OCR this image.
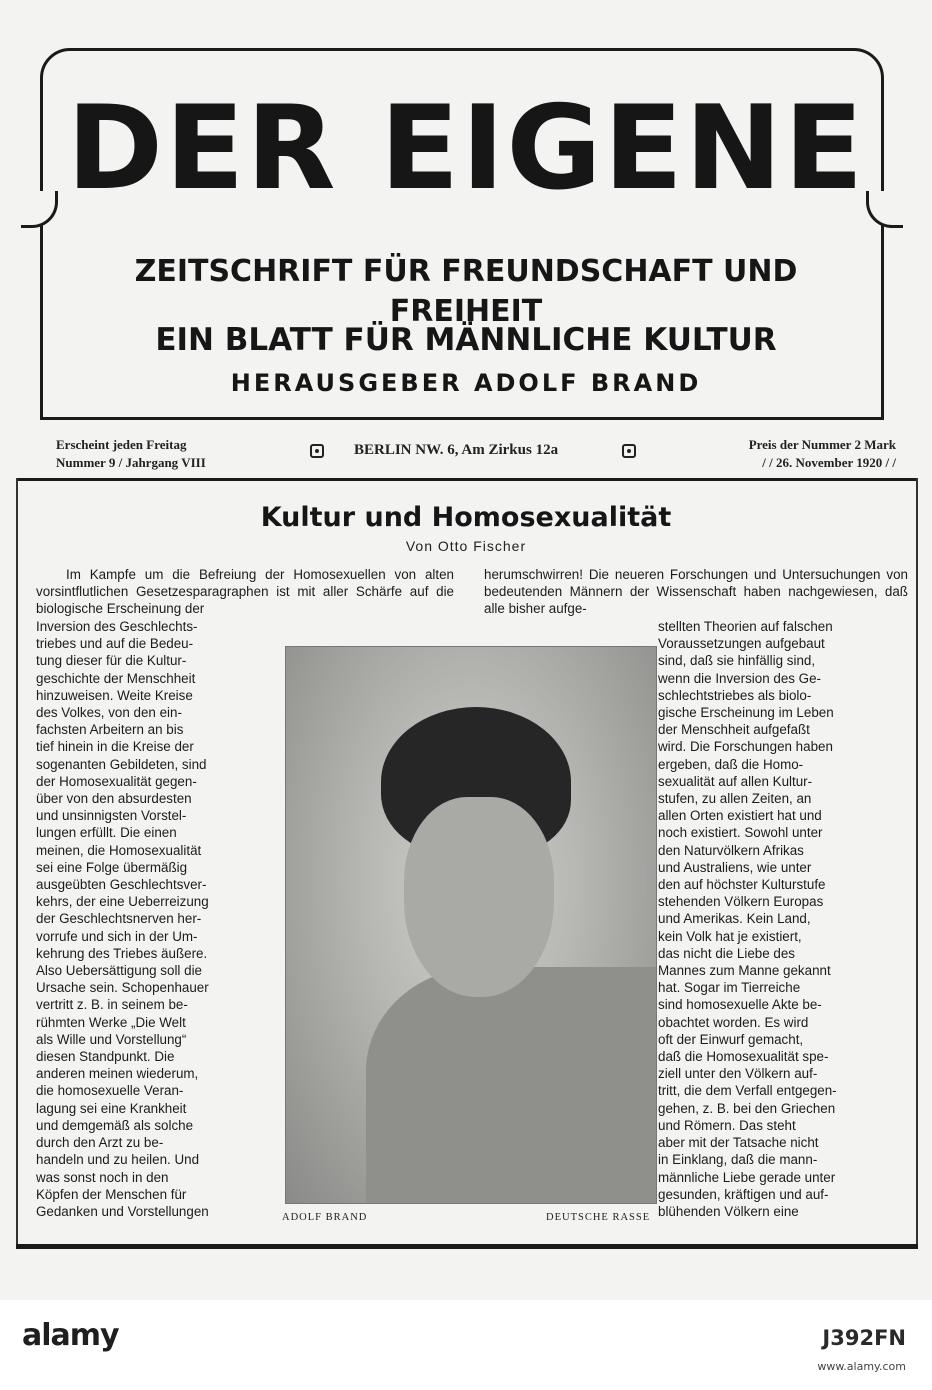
DER EIGENE
ZEITSCHRIFT FÜR FREUNDSCHAFT UND FREIHEIT
EIN BLATT FÜR MÄNNLICHE KULTUR
HERAUSGEBER ADOLF BRAND
Erscheint jeden Freitag
Nummer 9 / Jahrgang VIII
BERLIN NW. 6, Am Zirkus 12a	Preis der Nummer 2 Mark
/ / 26. November 1920 / /
Kultur und Homosexualität
Von Otto Fischer
Im Kampfe um die Befreiung der Homosexuellen von alten vorsintflutlichen Gesetzesparagraphen ist mit aller Schärfe auf die biologische Erscheinung der
Inversion des Geschlechts-
triebes und auf die Bedeu-
tung dieser für die Kultur-
geschichte der Menschheit
hinzuweisen. Weite Kreise
des Volkes, von den ein-
fachsten Arbeitern an bis
tief hinein in die Kreise der
sogenanten Gebildeten, sind
der Homosexualität gegen-
über von den absurdesten
und unsinnigsten Vorstel-
lungen erfüllt. Die einen
meinen, die Homosexualität
sei eine Folge übermäßig
ausgeübten Geschlechtsver-
kehrs, der eine Ueberreizung
der Geschlechtsnerven her-
vorrufe und sich in der Um-
kehrung des Triebes äußere.
Also Uebersättigung soll die
Ursache sein. Schopenhauer
vertritt z. B. in seinem be-
rühmten Werke „Die Welt
als Wille und Vorstellung“
diesen Standpunkt. Die
anderen meinen wiederum,
die homosexuelle Veran-
lagung sei eine Krankheit
und demgemäß als solche
durch den Arzt zu be-
handeln und zu heilen. Und
was sonst noch in den
Köpfen der Menschen für
Gedanken und Vorstellungen
herumschwirren! Die neueren Forschungen und Untersuchungen von bedeutenden Männern der Wissenschaft haben nachgewiesen, daß alle bisher aufge-
stellten Theorien auf falschen
Voraussetzungen aufgebaut
sind, daß sie hinfällig sind,
wenn die Inversion des Ge-
schlechtstriebes als biolo-
gische Erscheinung im Leben
der Menschheit aufgefaßt
wird. Die Forschungen haben
ergeben, daß die Homo-
sexualität auf allen Kultur-
stufen, zu allen Zeiten, an
allen Orten existiert hat und
noch existiert. Sowohl unter
den Naturvölkern Afrikas
und Australiens, wie unter
den auf höchster Kulturstufe
stehenden Völkern Europas
und Amerikas. Kein Land,
kein Volk hat je existiert,
das nicht die Liebe des
Mannes zum Manne gekannt
hat. Sogar im Tierreiche
sind homosexuelle Akte be-
obachtet worden. Es wird
oft der Einwurf gemacht,
daß die Homosexualität spe-
ziell unter den Völkern auf-
tritt, die dem Verfall entgegen-
gehen, z. B. bei den Griechen
und Römern. Das steht
aber mit der Tatsache nicht
in Einklang, daß die mann-
männliche Liebe gerade unter
gesunden, kräftigen und auf-
blühenden Völkern eine
ADOLF BRAND	DEUTSCHE RASSE
alamy	J392FN
www.alamy.com
